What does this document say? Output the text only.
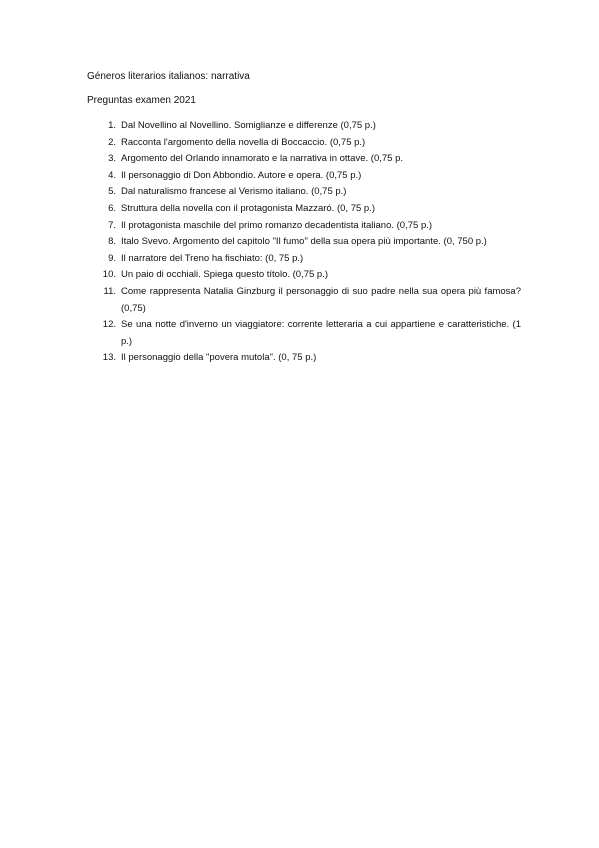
Géneros literarios italianos: narrativa
Preguntas examen 2021
1. Dal Novellino al Novellino. Somiglianze e differenze (0,75 p.)
2. Racconta l'argomento della novella di Boccaccio. (0,75 p.)
3. Argomento del Orlando innamorato e la narrativa in ottave. (0,75 p.
4. Il personaggio di Don Abbondio. Autore e opera. (0,75 p.)
5. Dal naturalismo francese al Verismo italiano. (0,75 p.)
6. Struttura della novella con il protagonista Mazzaró. (0, 75 p.)
7. Il protagonista maschile del primo romanzo decadentista italiano. (0,75 p.)
8. Italo Svevo. Argomento del capitolo "Il fumo" della sua opera più importante. (0, 750 p.)
9. Il narratore del Treno ha fischiato: (0, 75 p.)
10. Un paio di occhiali. Spiega questo títolo. (0,75 p.)
11. Come rappresenta Natalia Ginzburg il personaggio di suo padre nella sua opera più famosa? (0,75)
12. Se una notte d'inverno un viaggiatore: corrente letteraria a cui appartiene e caratteristiche. (1 p.)
13. Il personaggio della "povera mutola". (0, 75 p.)
